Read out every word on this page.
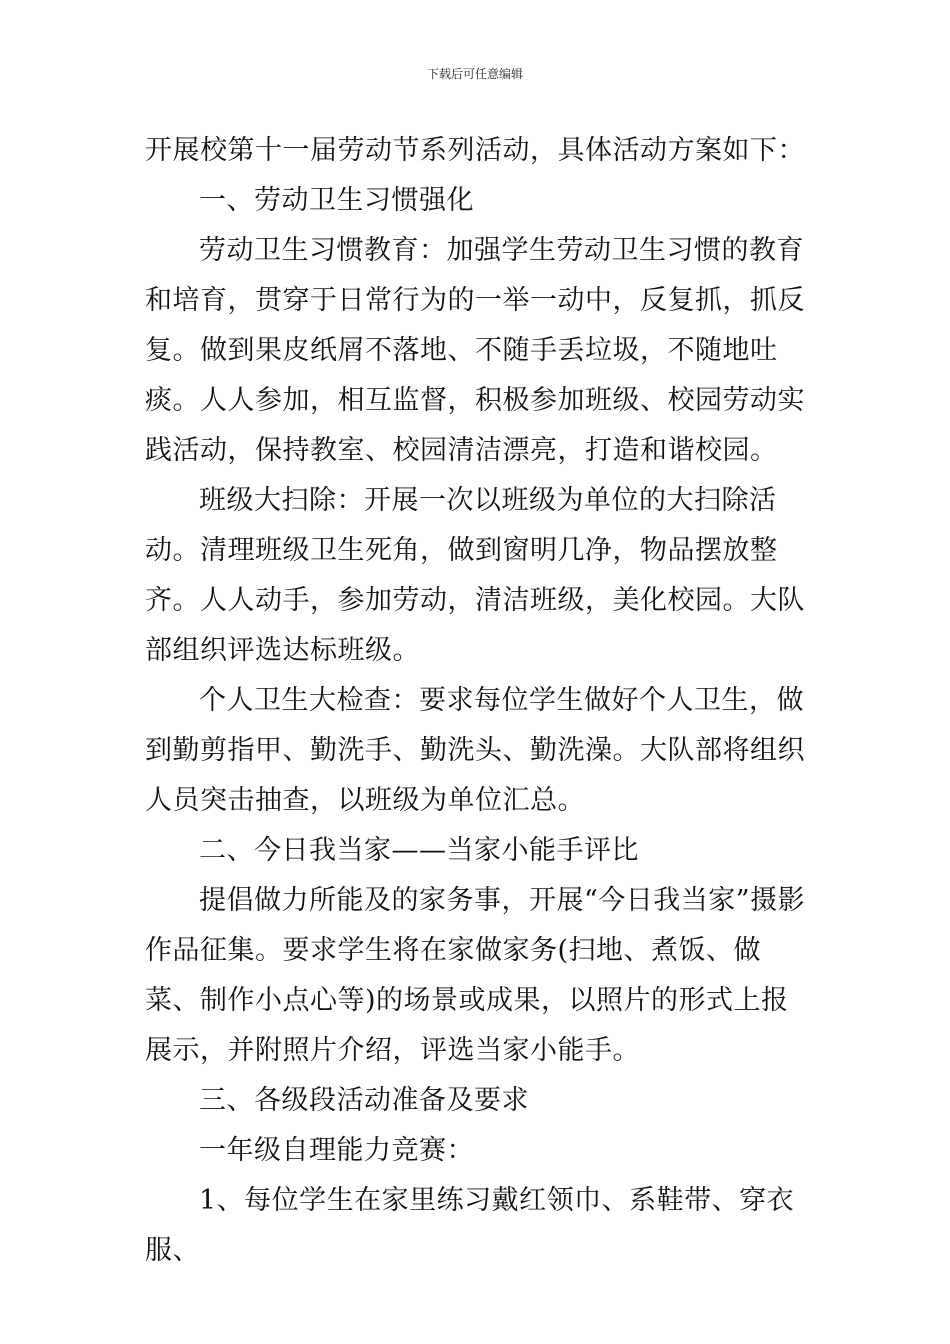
下载后可任意编辑

开展校第十一届劳动节系列活动，具体活动方案如下：

一、劳动卫生习惯强化

劳动卫生习惯教育：加强学生劳动卫生习惯的教育和培育，贯穿于日常行为的一举一动中，反复抓，抓反复。做到果皮纸屑不落地、不随手丢垃圾，不随地吐痰。人人参加，相互监督，积极参加班级、校园劳动实践活动，保持教室、校园清洁漂亮，打造和谐校园。

班级大扫除：开展一次以班级为单位的大扫除活动。清理班级卫生死角，做到窗明几净，物品摆放整齐。人人动手，参加劳动，清洁班级，美化校园。大队部组织评选达标班级。

个人卫生大检查：要求每位学生做好个人卫生，做到勤剪指甲、勤洗手、勤洗头、勤洗澡。大队部将组织人员突击抽查，以班级为单位汇总。

二、今日我当家——当家小能手评比

提倡做力所能及的家务事，开展“今日我当家”摄影作品征集。要求学生将在家做家务(扫地、煮饭、做菜、制作小点心等)的场景或成果，以照片的形式上报展示，并附照片介绍，评选当家小能手。

三、各级段活动准备及要求

一年级自理能力竞赛：

1、每位学生在家里练习戴红领巾、系鞋带、穿衣服、
